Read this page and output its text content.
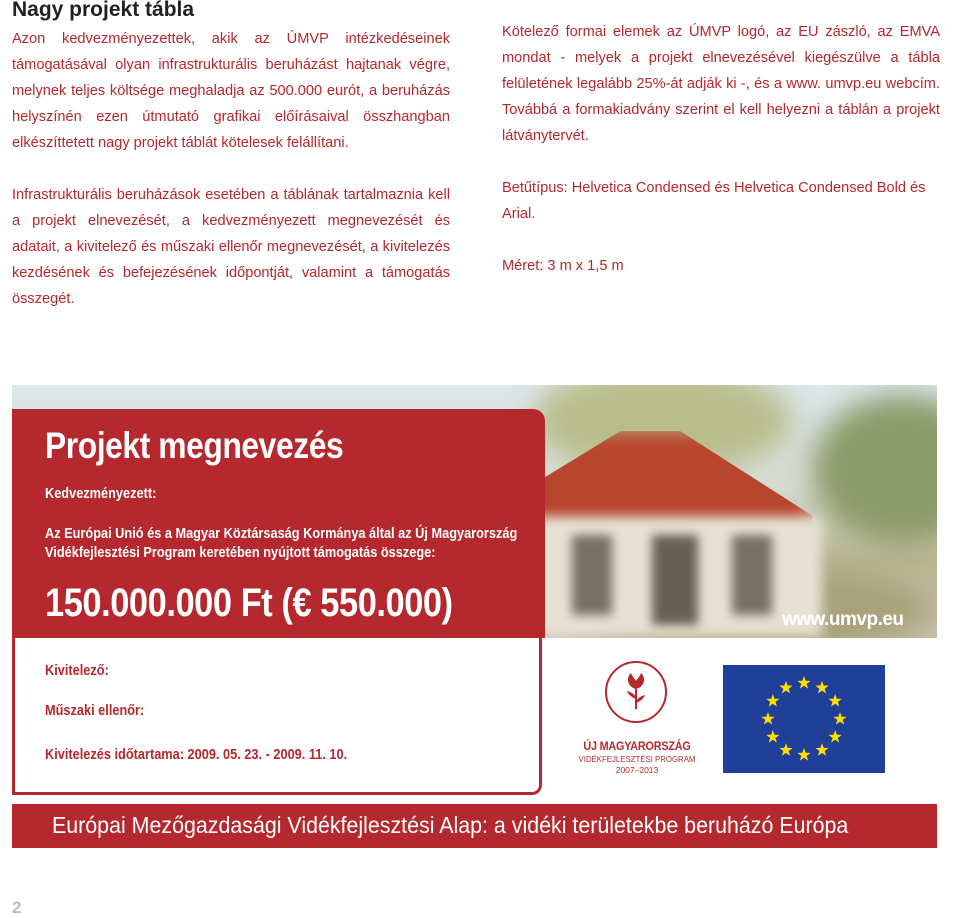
Nagy projekt tábla

Azon kedvezményezettek, akik az ÚMVP intézkedéseinek támogatásával olyan infrastrukturális beruházást hajtanak végre, melynek teljes költsége meghaladja az 500.000 eurót, a beruházás helyszínén ezen útmutató grafikai előírásaival összhangban elkészíttetett nagy projekt táblát kötelesek felállítani.

Infrastrukturális beruházások esetében a táblának tartalmaznia kell a projekt elnevezését, a kedvezményezett megnevezését és adatait, a kivitelező és műszaki ellenőr megnevezését, a kivitelezés kezdésének és befejezésének időpontját, valamint a támogatás összegét.

Kötelező formai elemek az ÚMVP logó, az EU zászló, az EMVA mondat - melyek a projekt elnevezésével kiegészülve a tábla felületének legalább 25%-át adják ki -, és a www. umvp.eu webcím. Továbbá a formakiadvány szerint el kell helyezni a táblán a projekt látványtervét.

Betűtípus: Helvetica Condensed és Helvetica Condensed Bold és Arial.

Méret: 3 m x 1,5 m

www.umvp.eu
Projekt megnevezés
Kedvezményezett:
Az Európai Unió és a Magyar Köztársaság Kormánya által az Új Magyarország
Vidékfejlesztési Program keretében nyújtott támogatás összege:
150.000.000 Ft (€ 550.000)
Kivitelező:
Műszaki ellenőr:
Kivitelezés időtartama: 2009. 05. 23. - 2009. 11. 10.
ÚJ MAGYARORSZÁG
VIDÉKFEJLESZTÉSI PROGRAM
2007–2013
Európai Mezőgazdasági Vidékfejlesztési Alap: a vidéki területekbe beruházó Európa
2
